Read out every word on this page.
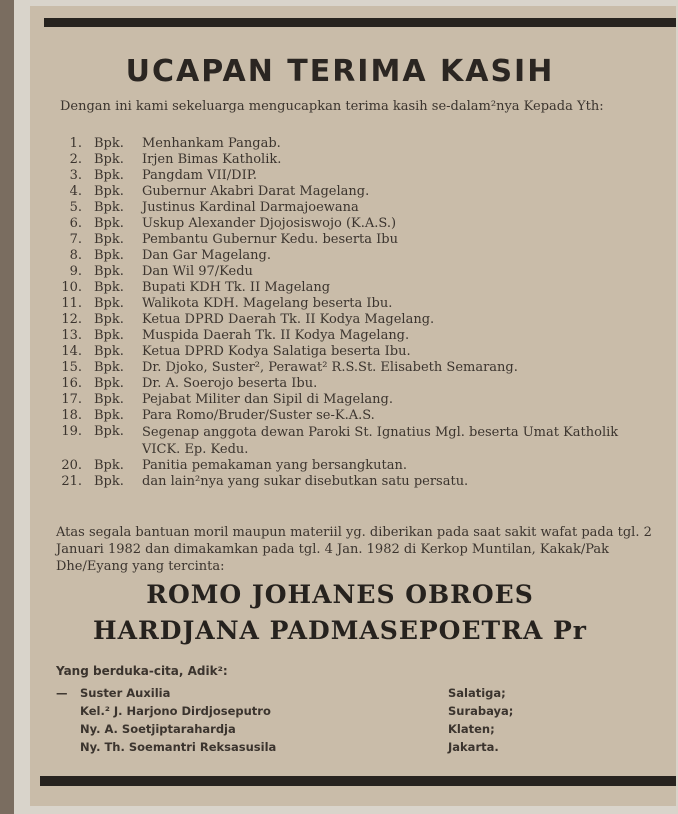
UCAPAN TERIMA KASIH
Dengan ini kami sekeluarga mengucapkan terima kasih se-dalam²nya Kepada Yth:
1. Bpk. Menhankam Pangab.
2. Bpk. Irjen Bimas Katholik.
3. Bpk. Pangdam VII/DIP.
4. Bpk. Gubernur Akabri Darat Magelang.
5. Bpk. Justinus Kardinal Darmajoewana
6. Bpk. Uskup Alexander Djojosiswojo (K.A.S.)
7. Bpk. Pembantu Gubernur Kedu. beserta Ibu
8. Bpk. Dan Gar Magelang.
9. Bpk. Dan Wil 97/Kedu
10. Bpk. Bupati KDH Tk. II Magelang
11. Bpk. Walikota KDH. Magelang beserta Ibu.
12. Bpk. Ketua DPRD Daerah Tk. II Kodya Magelang.
13. Bpk. Muspida Daerah Tk. II Kodya Magelang.
14. Bpk. Ketua DPRD Kodya Salatiga beserta Ibu.
15. Bpk. Dr. Djoko, Suster², Perawat² R.S.St. Elisabeth Semarang.
16. Bpk. Dr. A. Soerojo beserta Ibu.
17. Bpk. Pejabat Militer dan Sipil di Magelang.
18. Bpk. Para Romo/Bruder/Suster se-K.A.S.
19. Bpk. Segenap anggota dewan Paroki St. Ignatius Mgl. beserta Umat Katholik VICK. Ep. Kedu.
20. Bpk. Panitia pemakaman yang bersangkutan.
21. Bpk. dan lain²nya yang sukar disebutkan satu persatu.
Atas segala bantuan moril maupun materiil yg. diberikan pada saat sakit wafat pada tgl. 2 Januari 1982 dan dimakamkan pada tgl. 4 Jan. 1982 di Kerkop Muntilan, Kakak/Pak Dhe/Eyang yang tercinta:
ROMO JOHANES OBROES
HARDJANA PADMASEPOETRA Pr
Yang berduka-cita, Adik²:
— Suster Auxilia	Salatiga;
Kel.² J. Harjono Dirdjoseputro	Surabaya;
Ny. A. Soetjiptarahardja	Klaten;
Ny. Th. Soemantri Reksasusila	Jakarta.
